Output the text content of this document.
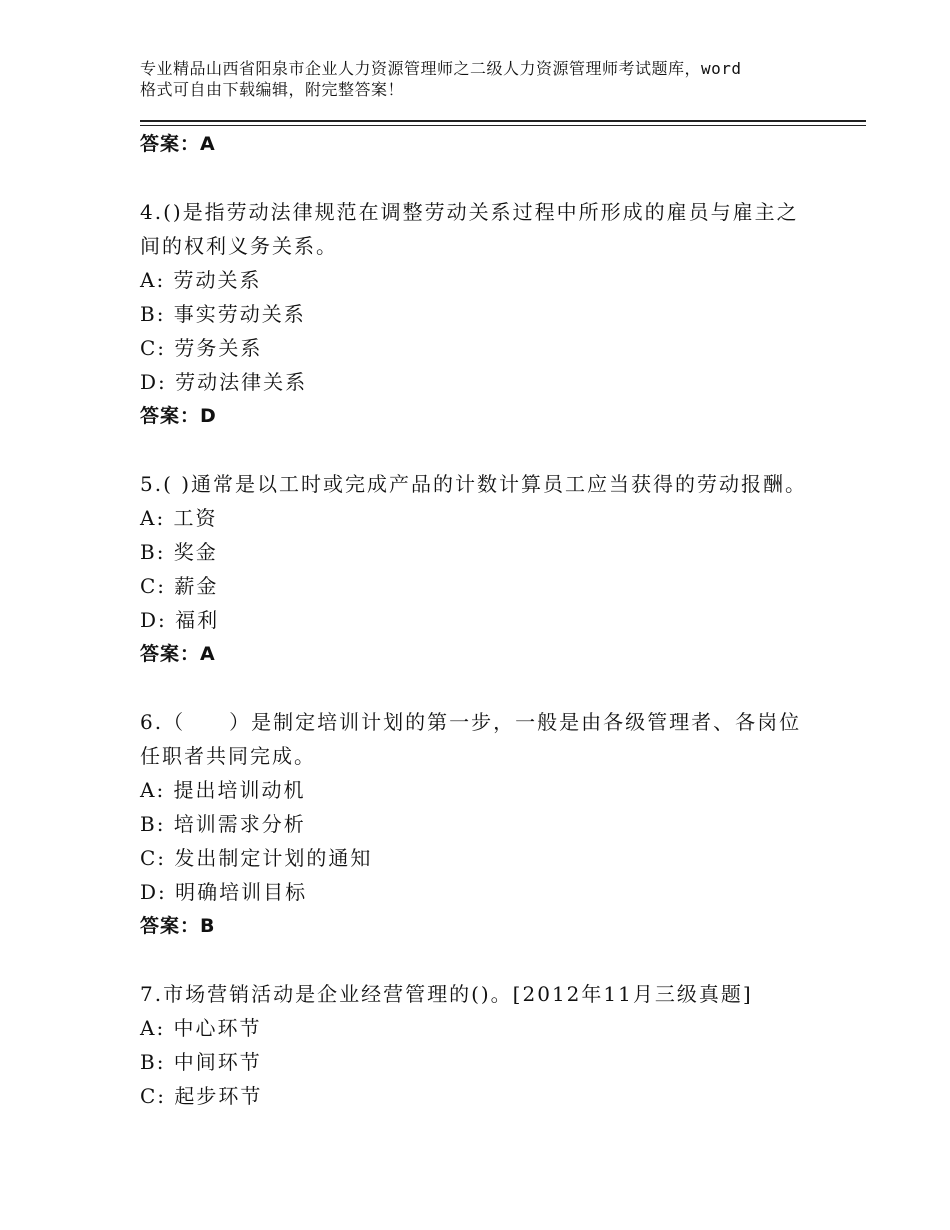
专业精品山西省阳泉市企业人力资源管理师之二级人力资源管理师考试题库，word
格式可自由下载编辑，附完整答案！
答案：A
4.()是指劳动法律规范在调整劳动关系过程中所形成的雇员与雇主之
间的权利义务关系。
A: 劳动关系
B: 事实劳动关系
C: 劳务关系
D: 劳动法律关系
答案：D
5.( )通常是以工时或完成产品的计数计算员工应当获得的劳动报酬。
A: 工资
B: 奖金
C: 薪金
D: 福利
答案：A
6.（　　）是制定培训计划的第一步，一般是由各级管理者、各岗位
任职者共同完成。
A: 提出培训动机
B: 培训需求分析
C: 发出制定计划的通知
D: 明确培训目标
答案：B
7.市场营销活动是企业经营管理的()。[2012年11月三级真题]
A: 中心环节
B: 中间环节
C: 起步环节
